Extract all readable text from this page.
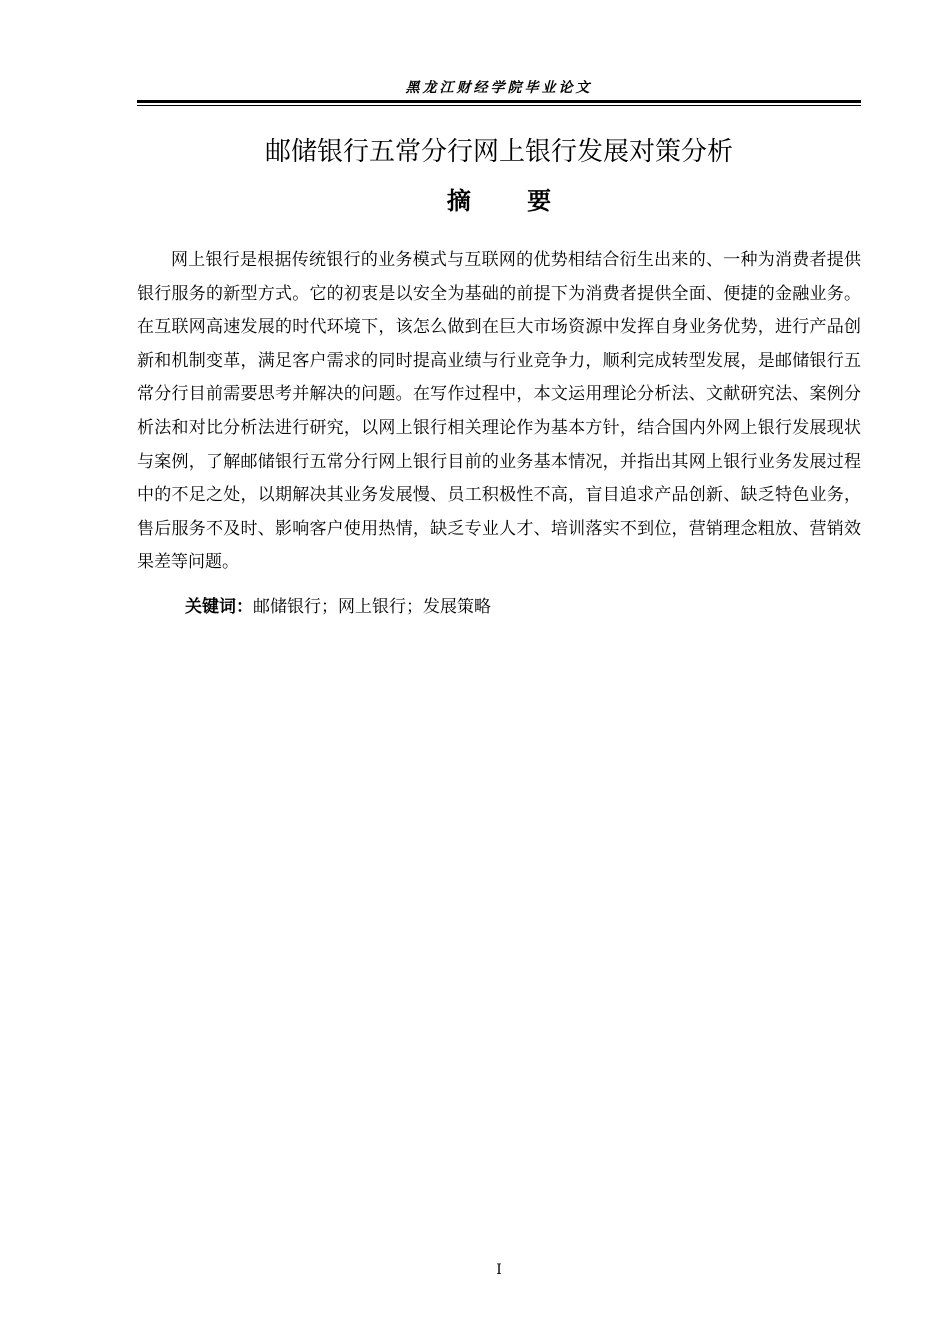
黑龙江财经学院毕业论文
邮储银行五常分行网上银行发展对策分析
摘 要

网上银行是根据传统银行的业务模式与互联网的优势相结合衍生出来的、一种为消费者提供银行服务的新型方式。它的初衷是以安全为基础的前提下为消费者提供全面、便捷的金融业务。在互联网高速发展的时代环境下，该怎么做到在巨大市场资源中发挥自身业务优势，进行产品创新和机制变革，满足客户需求的同时提高业绩与行业竞争力，顺利完成转型发展，是邮储银行五常分行目前需要思考并解决的问题。在写作过程中，本文运用理论分析法、文献研究法、案例分析法和对比分析法进行研究，以网上银行相关理论作为基本方针，结合国内外网上银行发展现状与案例，了解邮储银行五常分行网上银行目前的业务基本情况，并指出其网上银行业务发展过程中的不足之处，以期解决其业务发展慢、员工积极性不高，盲目追求产品创新、缺乏特色业务，售后服务不及时、影响客户使用热情，缺乏专业人才、培训落实不到位，营销理念粗放、营销效果差等问题。

关键词：邮储银行；网上银行；发展策略
I
